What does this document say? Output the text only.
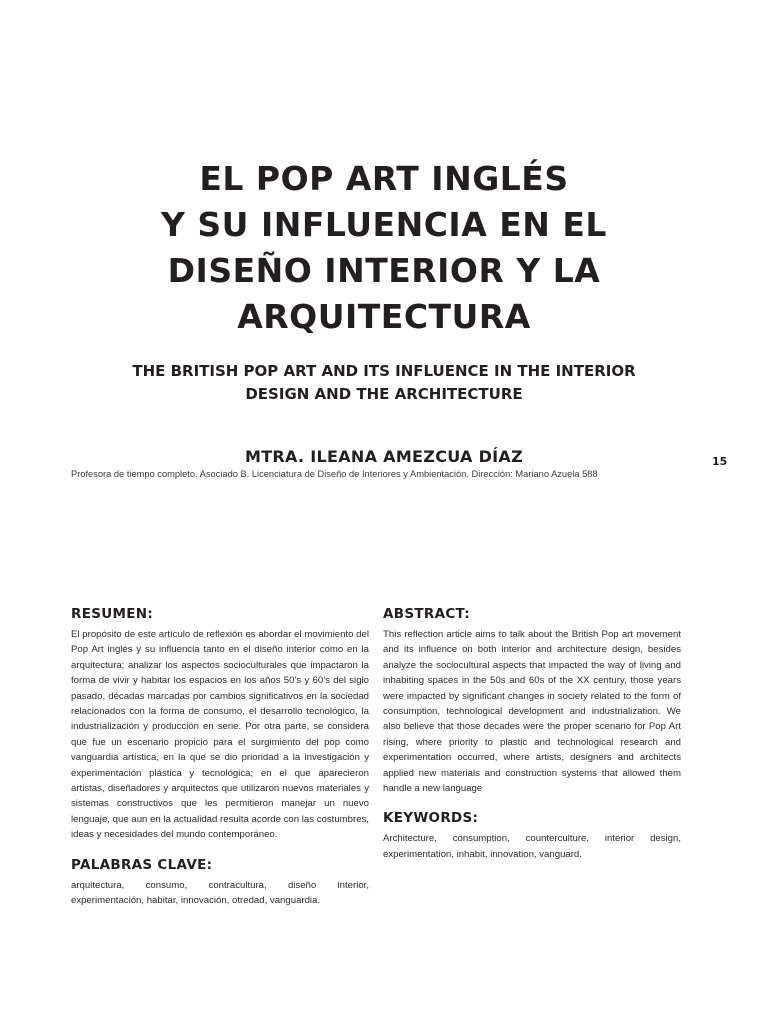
EL POP ART INGLÉS
Y SU INFLUENCIA EN EL
DISEÑO INTERIOR Y LA
ARQUITECTURA
THE BRITISH POP ART AND ITS INFLUENCE IN THE INTERIOR
DESIGN AND THE ARCHITECTURE
MTRA. ILEANA AMEZCUA DÍAZ	15
Profesora de tiempo completo. Asociado B. Licenciatura de Diseño de Interiores y Ambientación. Dirección: Mariano Azuela 588
RESUMEN:

El propósito de este artículo de reflexión es abordar el movimiento del Pop Art inglés y su influencia tanto en el diseño interior como en la arquitectura; analizar los aspectos socioculturales que impactaron la forma de vivir y habitar los espacios en los años 50’s y 60’s del siglo pasado, décadas marcadas por cambios significativos en la sociedad relacionados con la forma de consumo, el desarrollo tecnológico, la industrialización y producción en serie. Por otra parte, se considera que fue un escenario propicio para el surgimiento del pop como vanguardia artística, en la que se dio prioridad a la investigación y experimentación plástica y tecnológica; en el que aparecieron artistas, diseñadores y arquitectos que utilizaron nuevos materiales y sistemas constructivos que les permitieron manejar un nuevo lenguaje, que aun en la actualidad resulta acorde con las costumbres, ideas y necesidades del mundo contemporáneo.

PALABRAS CLAVE:

arquitectura, consumo, contracultura, diseño interior, experimentación, habitar, innovación, otredad, vanguardia.

ABSTRACT:

This reflection article aims to talk about the British Pop art movement and its influence on both interior and architecture design, besides analyze the sociocultural aspects that impacted the way of living and inhabiting spaces in the 50s and 60s of the XX century, those years were impacted by significant changes in society related to the form of consumption, technological development and industrialization. We also believe that those decades were the proper scenario for Pop Art rising, where priority to plastic and technological research and experimentation occurred, where artists, designers and architects applied new materials and construction systems that allowed them handle a new language

KEYWORDS:

Architecture, consumption, counterculture, interior design, experimentation, inhabit, innovation, vanguard.
